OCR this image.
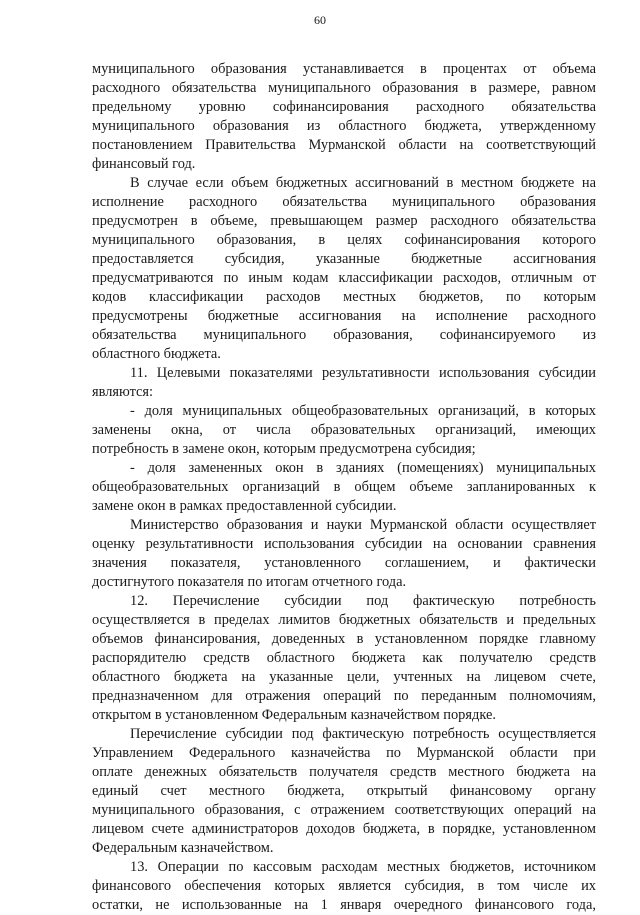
60
муниципального образования устанавливается в процентах от объема
расходного обязательства муниципального образования в размере, равном
предельному уровню софинансирования расходного обязательства
муниципального образования из областного бюджета, утвержденному
постановлением Правительства Мурманской области на соответствующий
финансовый год.
В случае если объем бюджетных ассигнований в местном бюджете на
исполнение расходного обязательства муниципального образования
предусмотрен в объеме, превышающем размер расходного обязательства
муниципального образования, в целях софинансирования которого
предоставляется субсидия, указанные бюджетные ассигнования
предусматриваются по иным кодам классификации расходов, отличным от
кодов классификации расходов местных бюджетов, по которым
предусмотрены бюджетные ассигнования на исполнение расходного
обязательства муниципального образования, софинансируемого из
областного бюджета.
11. Целевыми показателями результативности использования субсидии
являются:
- доля муниципальных общеобразовательных организаций, в которых
заменены окна, от числа образовательных организаций, имеющих
потребность в замене окон, которым предусмотрена субсидия;
- доля замененных окон в зданиях (помещениях) муниципальных
общеобразовательных организаций в общем объеме запланированных к
замене окон в рамках предоставленной субсидии.
Министерство образования и науки Мурманской области осуществляет
оценку результативности использования субсидии на основании сравнения
значения показателя, установленного соглашением, и фактически
достигнутого показателя по итогам отчетного года.
12. Перечисление субсидии под фактическую потребность
осуществляется в пределах лимитов бюджетных обязательств и предельных
объемов финансирования, доведенных в установленном порядке главному
распорядителю средств областного бюджета как получателю средств
областного бюджета на указанные цели, учтенных на лицевом счете,
предназначенном для отражения операций по переданным полномочиям,
открытом в установленном Федеральным казначейством порядке.
Перечисление субсидии под фактическую потребность осуществляется
Управлением Федерального казначейства по Мурманской области при
оплате денежных обязательств получателя средств местного бюджета на
единый счет местного бюджета, открытый финансовому органу
муниципального образования, с отражением соответствующих операций на
лицевом счете администраторов доходов бюджета, в порядке, установленном
Федеральным казначейством.
13. Операции по кассовым расходам местных бюджетов, источником
финансового обеспечения которых является субсидия, в том числе их
остатки, не использованные на 1 января очередного финансового года,
